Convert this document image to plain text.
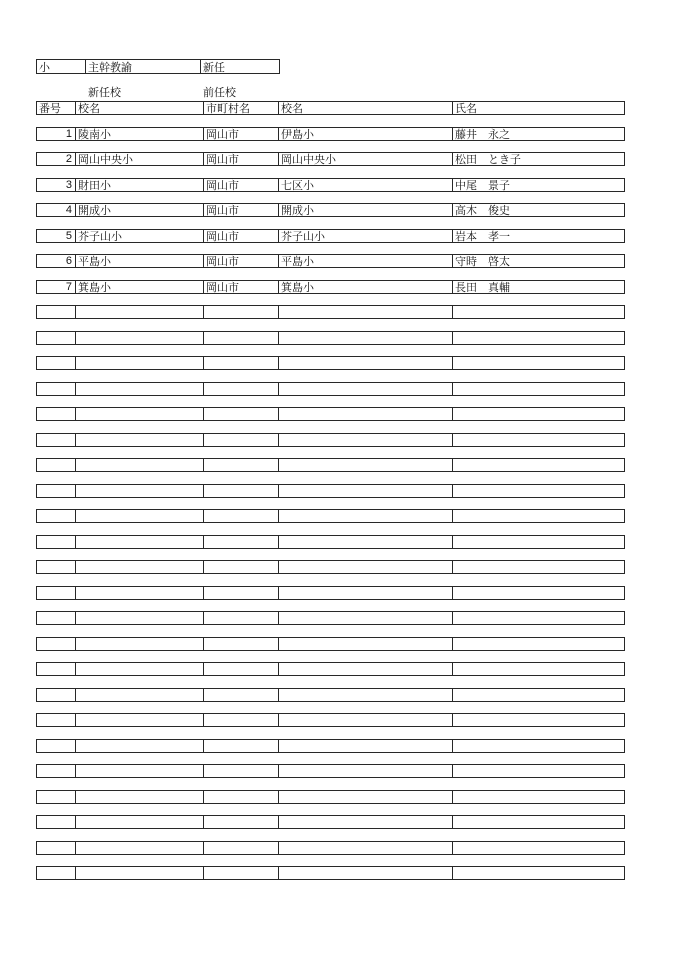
小	主幹教諭	新任
新任校	前任校
番号	校名	市町村名	校名	氏名
1 陵南小	岡山市	伊島小	藤井　永之
2 岡山中央小	岡山市	岡山中央小	松田　とき子
3 財田小	岡山市	七区小	中尾　景子
4 開成小	岡山市	開成小	高木　俊史
5 芥子山小	岡山市	芥子山小	岩本　孝一
6 平島小	岡山市	平島小	守時　啓太
7 箕島小	岡山市	箕島小	長田　真輔
